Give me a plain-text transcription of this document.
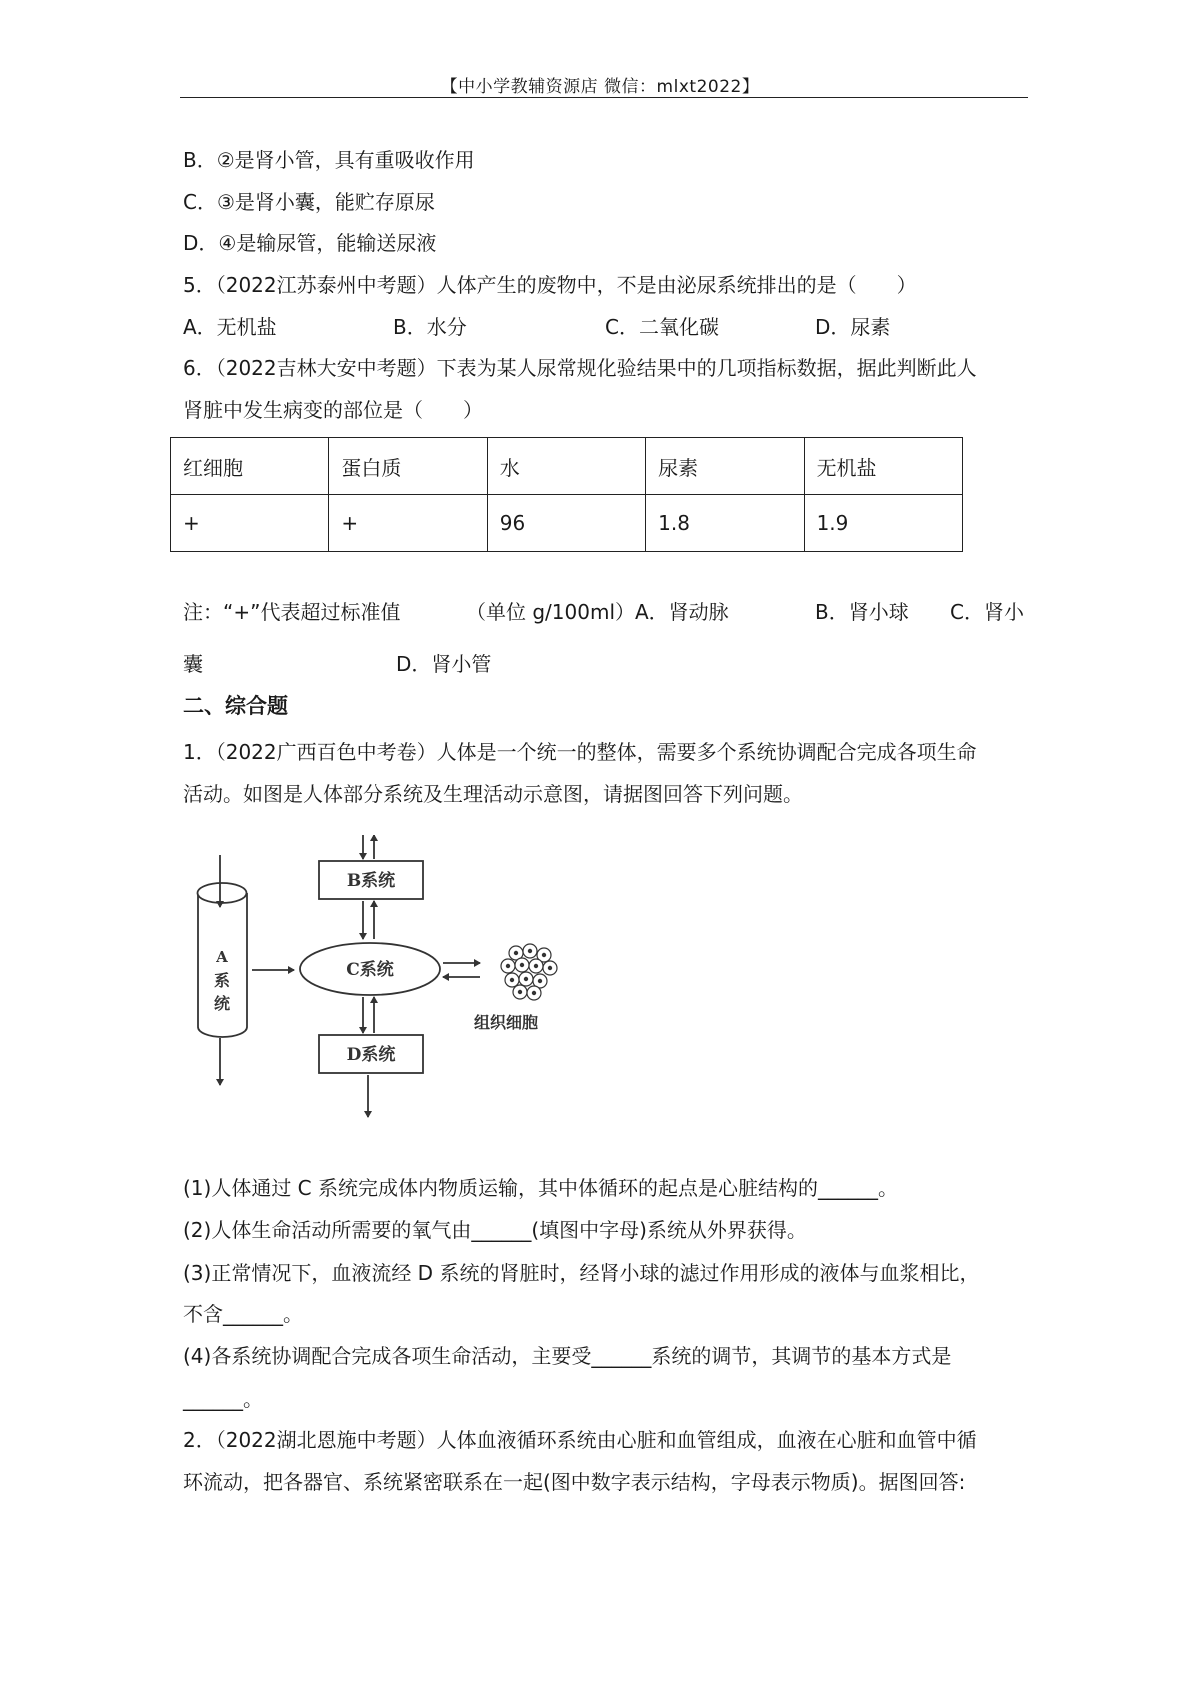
【中小学教辅资源店 微信：mlxt2022】
B．②是肾小管，具有重吸收作用
C．③是肾小囊，能贮存原尿
D．④是输尿管，能输送尿液
5．（2022江苏泰州中考题）人体产生的废物中，不是由泌尿系统排出的是（　　）
A．无机盐	B．水分	C．二氧化碳	D．尿素
6．（2022吉林大安中考题）下表为某人尿常规化验结果中的几项指标数据，据此判断此人
肾脏中发生病变的部位是（　　）
红细胞	蛋白质	水	尿素	无机盐
+	+	96	1.8	1.9
注：“+”代表超过标准值	（单位 g/100ml）A．肾动脉	B．肾小球 C．肾小
囊	D．肾小管
二、综合题
1．（2022广西百色中考卷）人体是一个统一的整体，需要多个系统协调配合完成各项生命
活动。如图是人体部分系统及生理活动示意图，请据图回答下列问题。
A
系
统
B系统
C系统
D系统
组织细胞
(1)人体通过 C 系统完成体内物质运输，其中体循环的起点是心脏结构的______。
(2)人体生命活动所需要的氧气由______(填图中字母)系统从外界获得。
(3)正常情况下，血液流经 D 系统的肾脏时，经肾小球的滤过作用形成的液体与血浆相比，
不含______。
(4)各系统协调配合完成各项生命活动，主要受______系统的调节，其调节的基本方式是
______。
2．（2022湖北恩施中考题）人体血液循环系统由心脏和血管组成，血液在心脏和血管中循
环流动，把各器官、系统紧密联系在一起(图中数字表示结构，字母表示物质)。据图回答:
